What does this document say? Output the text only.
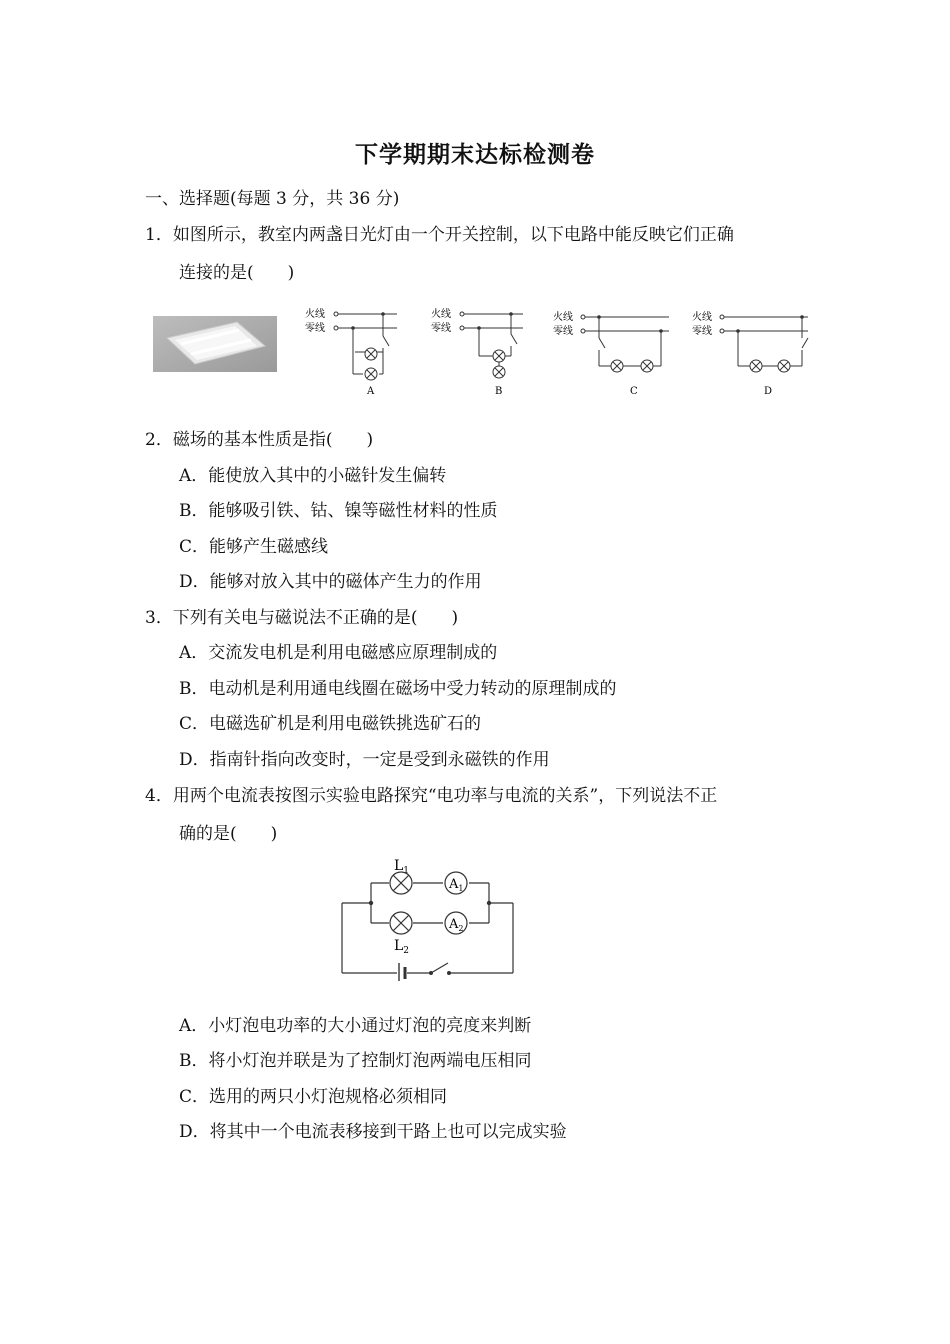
下学期期末达标检测卷
一、选择题(每题 3 分，共 36 分)
1．如图所示，教室内两盏日光灯由一个开关控制，以下电路中能反映它们正确
连接的是(　　)
火线
零线
A
火线
零线
B
火线
零线
C
火线
零线
D
2．磁场的基本性质是指(　　)
A．能使放入其中的小磁针发生偏转
B．能够吸引铁、钴、镍等磁性材料的性质
C．能够产生磁感线
D．能够对放入其中的磁体产生力的作用
3．下列有关电与磁说法不正确的是(　　)
A．交流发电机是利用电磁感应原理制成的
B．电动机是利用通电线圈在磁场中受力转动的原理制成的
C．电磁选矿机是利用电磁铁挑选矿石的
D．指南针指向改变时，一定是受到永磁铁的作用
4．用两个电流表按图示实验电路探究“电功率与电流的关系”，下列说法不正
确的是(　　)
$L_1$
$L_2$
$A_1$
$A_2$
A．小灯泡电功率的大小通过灯泡的亮度来判断
B．将小灯泡并联是为了控制灯泡两端电压相同
C．选用的两只小灯泡规格必须相同
D．将其中一个电流表移接到干路上也可以完成实验
